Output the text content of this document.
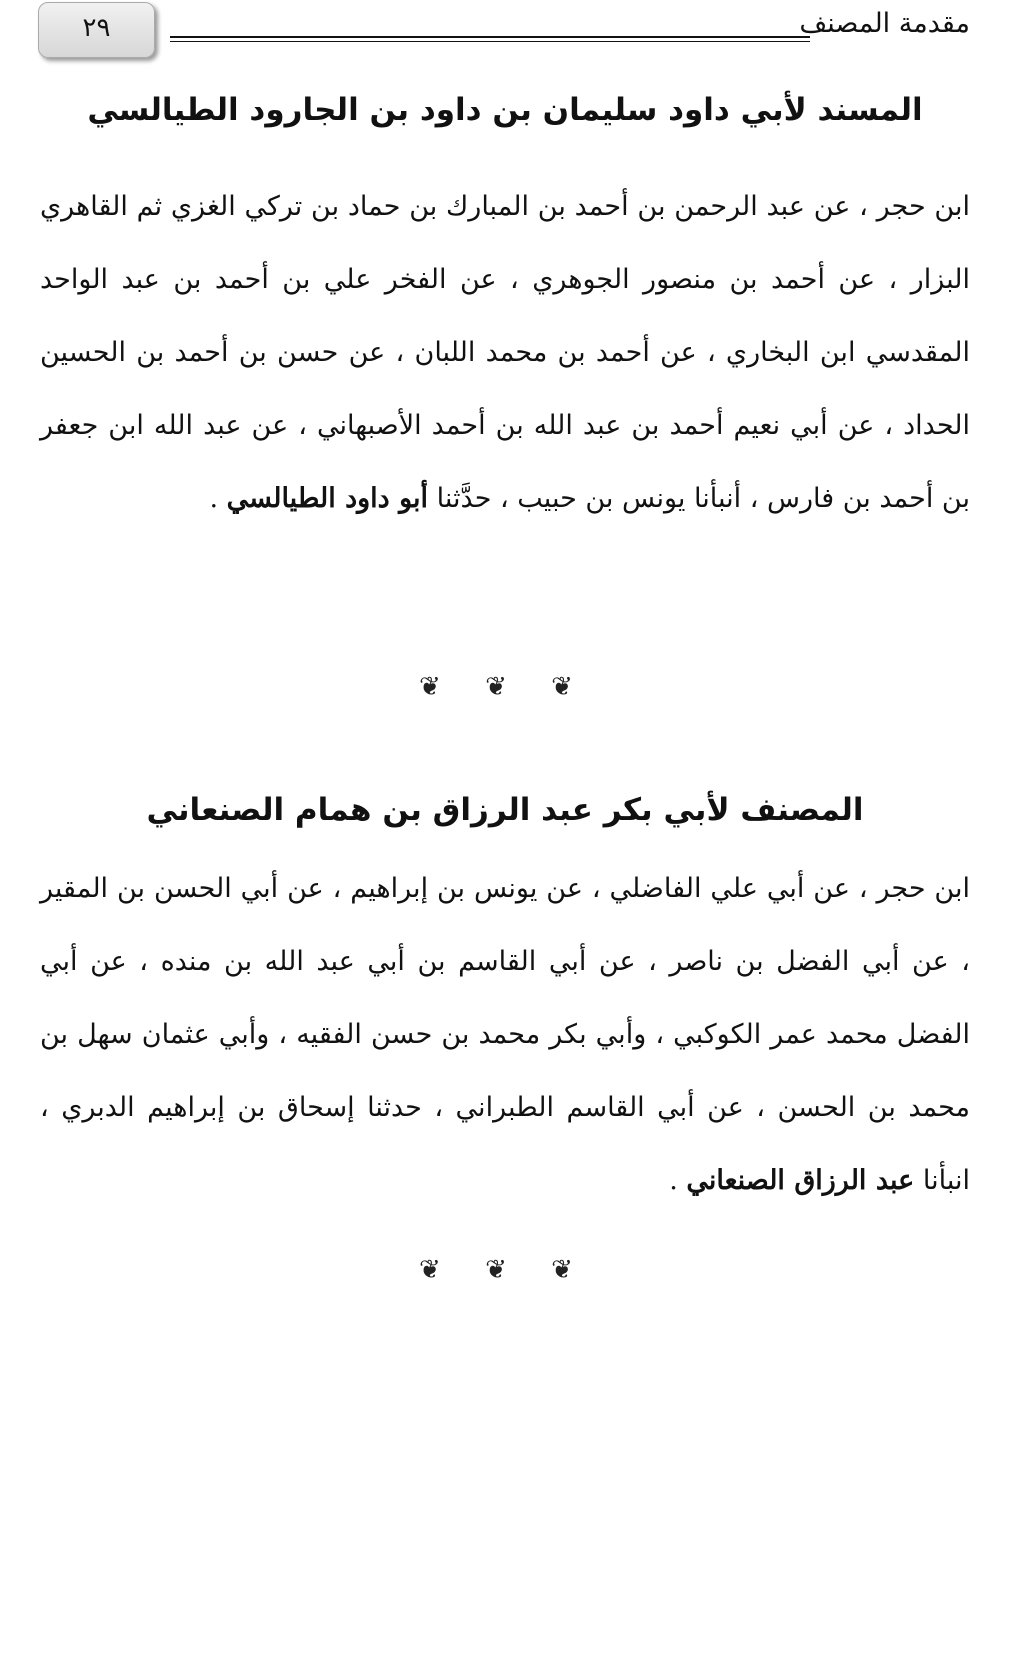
مقدمة المصنف
٢٩
المسند لأبي داود سليمان بن داود بن الجارود الطيالسي

ابن حجر ، عن عبد الرحمن بن أحمد بن المبارك بن حماد بن تركي الغزي ثم القاهري البزار ، عن أحمد بن منصور الجوهري ، عن الفخر علي بن أحمد بن عبد الواحد المقدسي ابن البخاري ، عن أحمد بن محمد اللبان ، عن حسن بن أحمد بن الحسين الحداد ، عن أبي نعيم أحمد بن عبد الله بن أحمد الأصبهاني ، عن عبد الله ابن جعفر بن أحمد بن فارس ، أنبأنا يونس بن حبيب ، حدَّثنا أبو داود الطيالسي .

❦ ❦ ❦
المصنف لأبي بكر عبد الرزاق بن همام الصنعاني

ابن حجر ، عن أبي علي الفاضلي ، عن يونس بن إبراهيم ، عن أبي الحسن بن المقير ، عن أبي الفضل بن ناصر ، عن أبي القاسم بن أبي عبد الله بن منده ، عن أبي الفضل محمد عمر الكوكبي ، وأبي بكر محمد بن حسن الفقيه ، وأبي عثمان سهل بن محمد بن الحسن ، عن أبي القاسم الطبراني ، حدثنا إسحاق بن إبراهيم الدبري ، انبأنا عبد الرزاق الصنعاني .

❦ ❦ ❦
